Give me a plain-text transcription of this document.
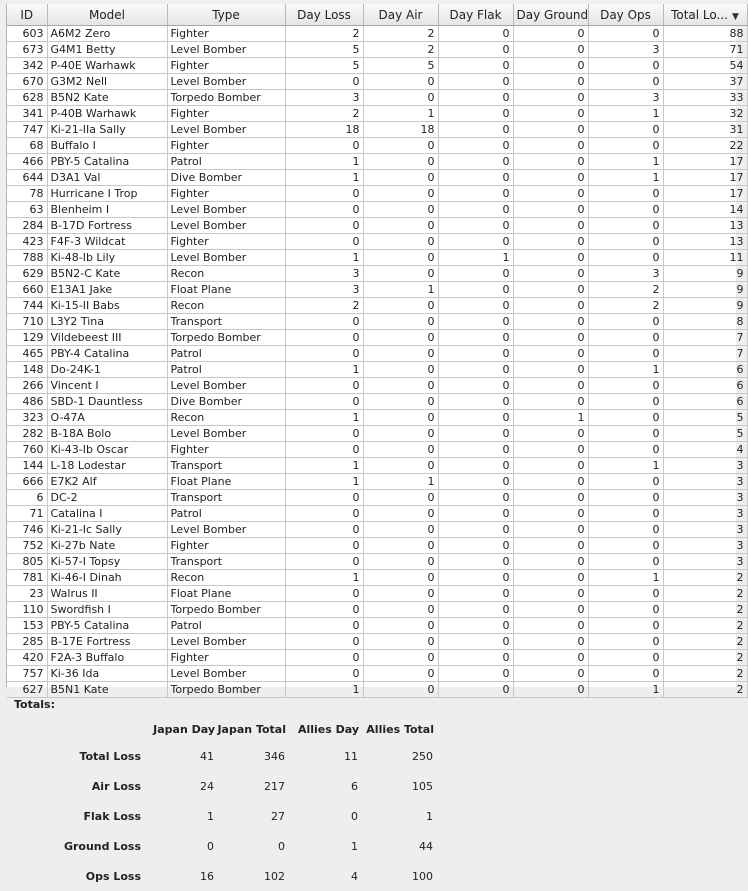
ID	Model	Type	Day Loss	Day Air	Day Flak	Day Ground	Day Ops	Total Lo... ▼
603	A6M2 Zero	Fighter	2	2	0	0	0	88
673	G4M1 Betty	Level Bomber	5	2	0	0	3	71
342	P-40E Warhawk	Fighter	5	5	0	0	0	54
670	G3M2 Nell	Level Bomber	0	0	0	0	0	37
628	B5N2 Kate	Torpedo Bomber	3	0	0	0	3	33
341	P-40B Warhawk	Fighter	2	1	0	0	1	32
747	Ki-21-IIa Sally	Level Bomber	18	18	0	0	0	31
68	Buffalo I	Fighter	0	0	0	0	0	22
466	PBY-5 Catalina	Patrol	1	0	0	0	1	17
644	D3A1 Val	Dive Bomber	1	0	0	0	1	17
78	Hurricane I Trop	Fighter	0	0	0	0	0	17
63	Blenheim I	Level Bomber	0	0	0	0	0	14
284	B-17D Fortress	Level Bomber	0	0	0	0	0	13
423	F4F-3 Wildcat	Fighter	0	0	0	0	0	13
788	Ki-48-Ib Lily	Level Bomber	1	0	1	0	0	11
629	B5N2-C Kate	Recon	3	0	0	0	3	9
660	E13A1 Jake	Float Plane	3	1	0	0	2	9
744	Ki-15-II Babs	Recon	2	0	0	0	2	9
710	L3Y2 Tina	Transport	0	0	0	0	0	8
129	Vildebeest III	Torpedo Bomber	0	0	0	0	0	7
465	PBY-4 Catalina	Patrol	0	0	0	0	0	7
148	Do-24K-1	Patrol	1	0	0	0	1	6
266	Vincent I	Level Bomber	0	0	0	0	0	6
486	SBD-1 Dauntless	Dive Bomber	0	0	0	0	0	6
323	O-47A	Recon	1	0	0	1	0	5
282	B-18A Bolo	Level Bomber	0	0	0	0	0	5
760	Ki-43-Ib Oscar	Fighter	0	0	0	0	0	4
144	L-18 Lodestar	Transport	1	0	0	0	1	3
666	E7K2 Alf	Float Plane	1	1	0	0	0	3
6	DC-2	Transport	0	0	0	0	0	3
71	Catalina I	Patrol	0	0	0	0	0	3
746	Ki-21-Ic Sally	Level Bomber	0	0	0	0	0	3
752	Ki-27b Nate	Fighter	0	0	0	0	0	3
805	Ki-57-I Topsy	Transport	0	0	0	0	0	3
781	Ki-46-I Dinah	Recon	1	0	0	0	1	2
23	Walrus II	Float Plane	0	0	0	0	0	2
110	Swordfish I	Torpedo Bomber	0	0	0	0	0	2
153	PBY-5 Catalina	Patrol	0	0	0	0	0	2
285	B-17E Fortress	Level Bomber	0	0	0	0	0	2
420	F2A-3 Buffalo	Fighter	0	0	0	0	0	2
757	Ki-36 Ida	Level Bomber	0	0	0	0	0	2
627	B5N1 Kate	Torpedo Bomber	1	0	0	0	1	2
Totals:
	Japan Day	Japan Total	Allies Day	Allies Total
Total Loss	41	346	11	250
Air Loss	24	217	6	105
Flak Loss	1	27	0	1
Ground Loss	0	0	1	44
Ops Loss	16	102	4	100
